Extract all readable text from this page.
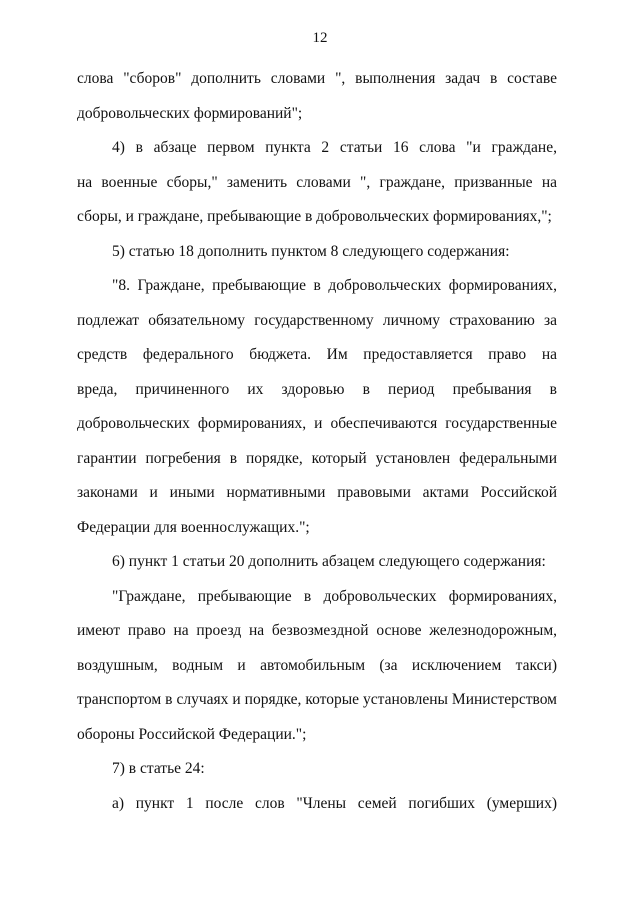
12
слова "сборов" дополнить словами ", выполнения задач в составе
добровольческих формирований";
4) в абзаце первом пункта 2 статьи 16 слова "и граждане,
на военные сборы," заменить словами ", граждане, призванные на
сборы, и граждане, пребывающие в добровольческих формированиях,";
5) статью 18 дополнить пунктом 8 следующего содержания:
"8. Граждане, пребывающие в добровольческих формированиях,
подлежат обязательному государственному личному страхованию за
средств федерального бюджета. Им предоставляется право на
вреда, причиненного их здоровью в период пребывания в
добровольческих формированиях, и обеспечиваются государственные
гарантии погребения в порядке, который установлен федеральными
законами и иными нормативными правовыми актами Российской
Федерации для военнослужащих.";
6) пункт 1 статьи 20 дополнить абзацем следующего содержания:
"Граждане, пребывающие в добровольческих формированиях,
имеют право на проезд на безвозмездной основе железнодорожным,
воздушным, водным и автомобильным (за исключением такси)
транспортом в случаях и порядке, которые установлены Министерством
обороны Российской Федерации.";
7) в статье 24:
а) пункт 1 после слов "Члены семей погибших (умерших)
